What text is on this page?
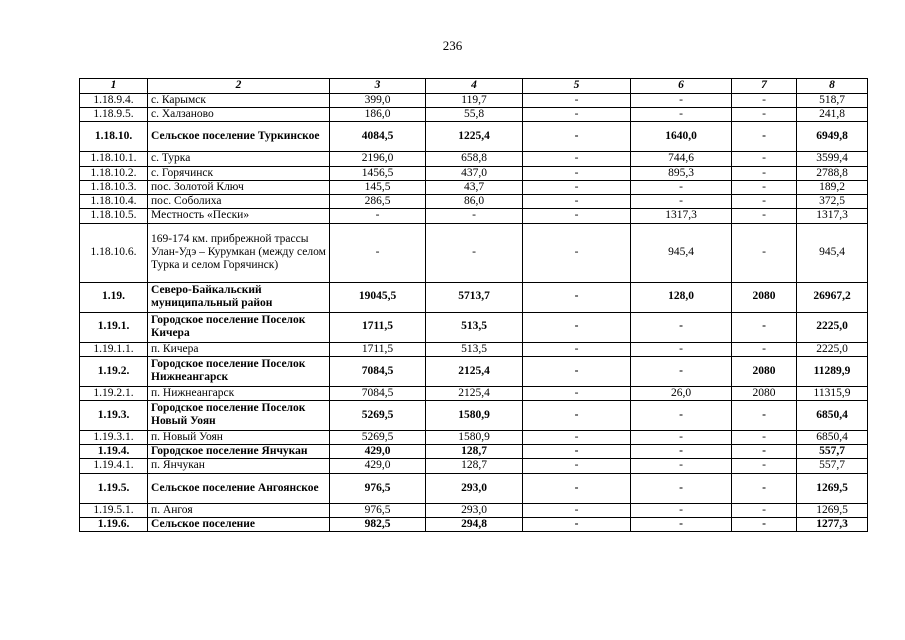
236
1	2	3	4	5	6	7	8
1.18.9.4.	с. Карымск	399,0	119,7	-	-	-	518,7
1.18.9.5.	с. Халзаново	186,0	55,8	-	-	-	241,8
1.18.10.	Сельское поселение Туркинское	4084,5	1225,4	-	1640,0	-	6949,8
1.18.10.1.	с. Турка	2196,0	658,8	-	744,6	-	3599,4
1.18.10.2.	с. Горячинск	1456,5	437,0	-	895,3	-	2788,8
1.18.10.3.	пос. Золотой Ключ	145,5	43,7	-	-	-	189,2
1.18.10.4.	пос. Соболиха	286,5	86,0	-	-	-	372,5
1.18.10.5.	Местность «Пески»	-	-	-	1317,3	-	1317,3
1.18.10.6.	169-174 км. прибрежной трассы Улан-Удэ – Курумкан (между селом Турка и селом Горячинск)	-	-	-	945,4	-	945,4
1.19.	Северо-Байкальский муниципальный район	19045,5	5713,7	-	128,0	2080	26967,2
1.19.1.	Городское поселение Поселок Кичера	1711,5	513,5	-	-	-	2225,0
1.19.1.1.	п. Кичера	1711,5	513,5	-	-	-	2225,0
1.19.2.	Городское поселение Поселок Нижнеангарск	7084,5	2125,4	-	-	2080	11289,9
1.19.2.1.	п. Нижнеангарск	7084,5	2125,4	-	26,0	2080	11315,9
1.19.3.	Городское поселение Поселок Новый Уоян	5269,5	1580,9	-	-	-	6850,4
1.19.3.1.	п. Новый Уоян	5269,5	1580,9	-	-	-	6850,4
1.19.4.	Городское поселение Янчукан	429,0	128,7	-	-	-	557,7
1.19.4.1.	п. Янчукан	429,0	128,7	-	-	-	557,7
1.19.5.	Сельское поселение Ангоянское	976,5	293,0	-	-	-	1269,5
1.19.5.1.	п. Ангоя	976,5	293,0	-	-	-	1269,5
1.19.6.	Сельское поселение	982,5	294,8	-	-	-	1277,3
